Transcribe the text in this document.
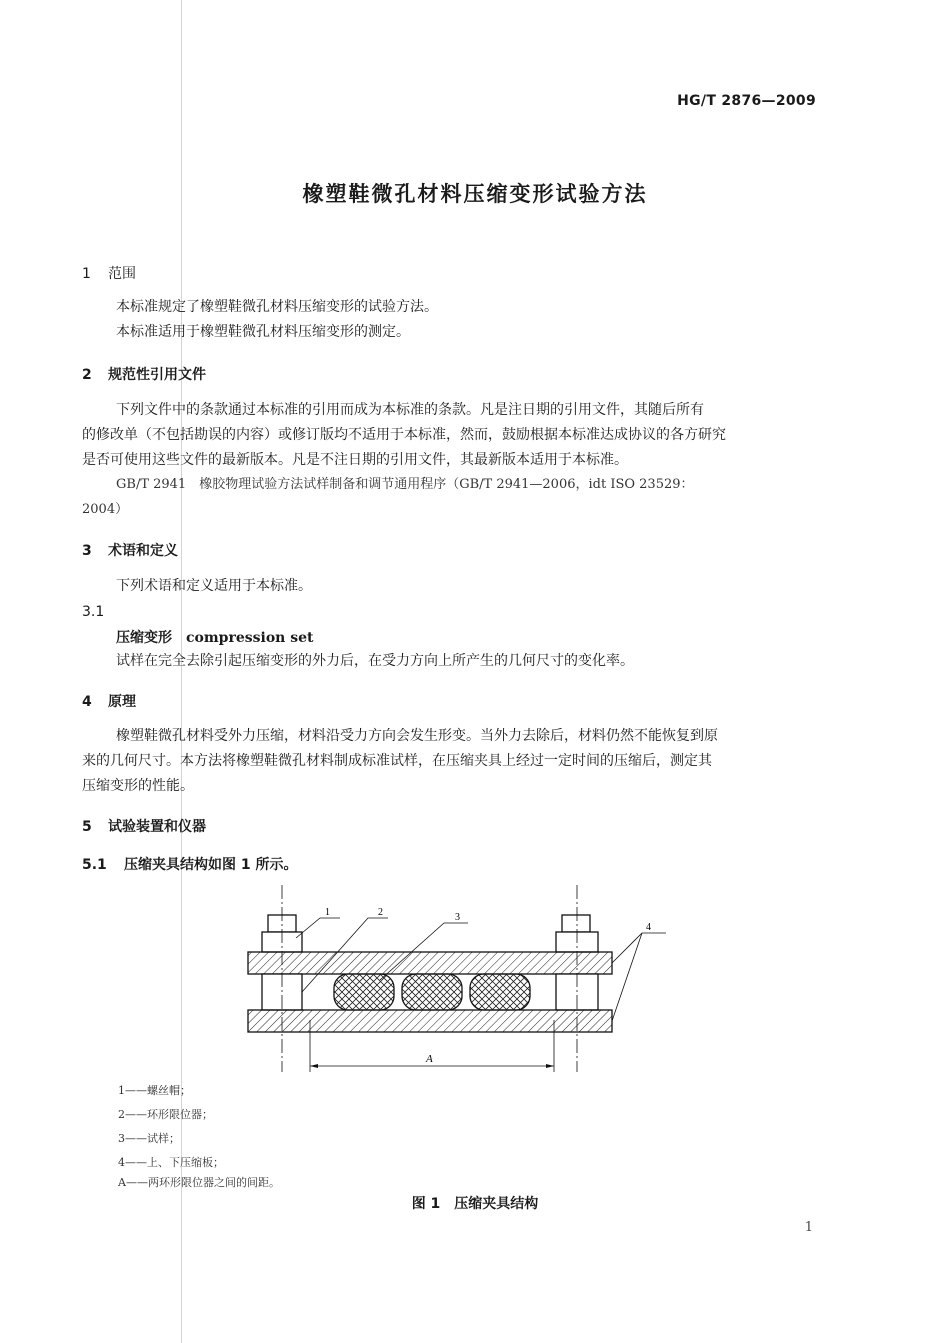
HG/T 2876—2009
橡塑鞋微孔材料压缩变形试验方法
1 范围
本标准规定了橡塑鞋微孔材料压缩变形的试验方法。
本标准适用于橡塑鞋微孔材料压缩变形的测定。
2 规范性引用文件
下列文件中的条款通过本标准的引用而成为本标准的条款。凡是注日期的引用文件，其随后所有
的修改单（不包括勘误的内容）或修订版均不适用于本标准，然而，鼓励根据本标准达成协议的各方研究
是否可使用这些文件的最新版本。凡是不注日期的引用文件，其最新版本适用于本标准。
GB/T 2941　橡胶物理试验方法试样制备和调节通用程序（GB/T 2941—2006，idt ISO 23529：
2004）
3 术语和定义
下列术语和定义适用于本标准。
3.1
压缩变形 compression set
试样在完全去除引起压缩变形的外力后，在受力方向上所产生的几何尺寸的变化率。
4 原理
橡塑鞋微孔材料受外力压缩，材料沿受力方向会发生形变。当外力去除后，材料仍然不能恢复到原
来的几何尺寸。本方法将橡塑鞋微孔材料制成标准试样，在压缩夹具上经过一定时间的压缩后，测定其
压缩变形的性能。
5 试验装置和仪器
5.1 压缩夹具结构如图 1 所示。
A
1	2	3
4
1——螺丝帽；
2——环形限位器；
3——试样；
4——上、下压缩板；
A——两环形限位器之间的间距。
图 1　压缩夹具结构
1
